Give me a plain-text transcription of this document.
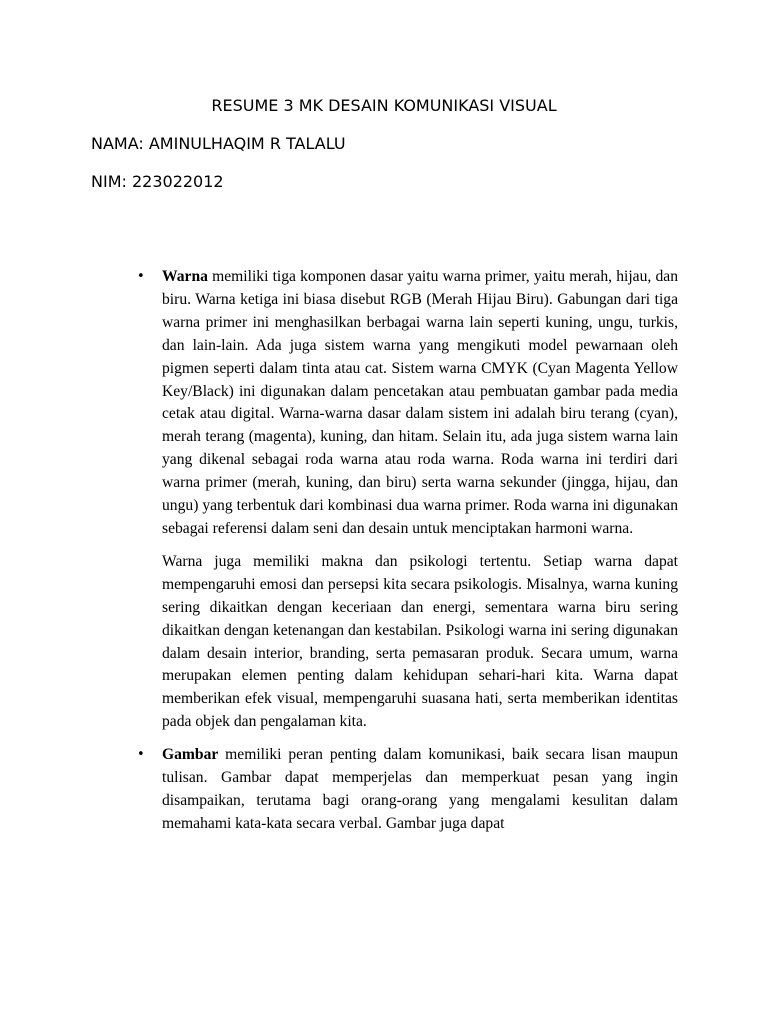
RESUME 3 MK DESAIN KOMUNIKASI VISUAL

NAMA: AMINULHAQIM R TALALU

NIM: 223022012

• Warna memiliki tiga komponen dasar yaitu warna primer, yaitu merah, hijau, dan biru. Warna ketiga ini biasa disebut RGB (Merah Hijau Biru). Gabungan dari tiga warna primer ini menghasilkan berbagai warna lain seperti kuning, ungu, turkis, dan lain-lain. Ada juga sistem warna yang mengikuti model pewarnaan oleh pigmen seperti dalam tinta atau cat. Sistem warna CMYK (Cyan Magenta Yellow Key/Black) ini digunakan dalam pencetakan atau pembuatan gambar pada media cetak atau digital. Warna-warna dasar dalam sistem ini adalah biru terang (cyan), merah terang (magenta), kuning, dan hitam. Selain itu, ada juga sistem warna lain yang dikenal sebagai roda warna atau roda warna. Roda warna ini terdiri dari warna primer (merah, kuning, dan biru) serta warna sekunder (jingga, hijau, dan ungu) yang terbentuk dari kombinasi dua warna primer. Roda warna ini digunakan sebagai referensi dalam seni dan desain untuk menciptakan harmoni warna.

Warna juga memiliki makna dan psikologi tertentu. Setiap warna dapat mempengaruhi emosi dan persepsi kita secara psikologis. Misalnya, warna kuning sering dikaitkan dengan keceriaan dan energi, sementara warna biru sering dikaitkan dengan ketenangan dan kestabilan. Psikologi warna ini sering digunakan dalam desain interior, branding, serta pemasaran produk. Secara umum, warna merupakan elemen penting dalam kehidupan sehari-hari kita. Warna dapat memberikan efek visual, mempengaruhi suasana hati, serta memberikan identitas pada objek dan pengalaman kita.

• Gambar memiliki peran penting dalam komunikasi, baik secara lisan maupun tulisan. Gambar dapat memperjelas dan memperkuat pesan yang ingin disampaikan, terutama bagi orang-orang yang mengalami kesulitan dalam memahami kata-kata secara verbal. Gambar juga dapat
